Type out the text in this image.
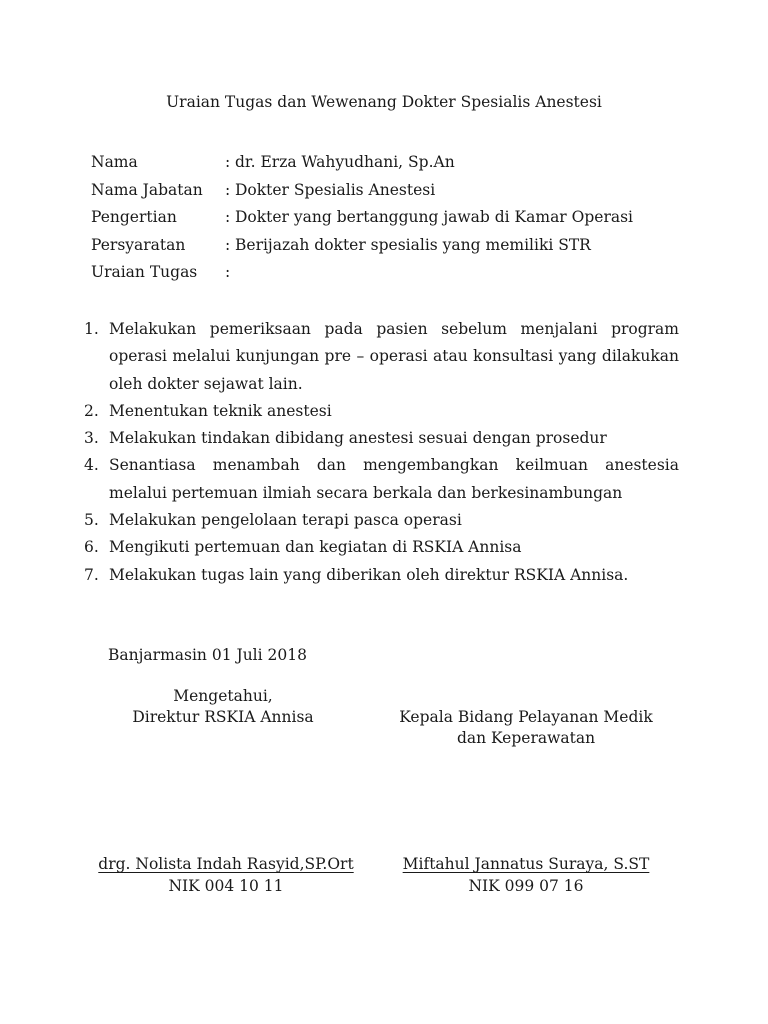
Uraian Tugas dan Wewenang Dokter Spesialis Anestesi
Nama	: dr. Erza Wahyudhani, Sp.An
Nama Jabatan	: Dokter Spesialis Anestesi
Pengertian	: Dokter yang bertanggung jawab di Kamar Operasi
Persyaratan	: Berijazah dokter spesialis yang memiliki STR
Uraian Tugas	:
1. Melakukan pemeriksaan pada pasien sebelum menjalani program operasi melalui kunjungan pre – operasi atau konsultasi yang dilakukan oleh dokter sejawat lain.
2. Menentukan teknik anestesi
3. Melakukan tindakan dibidang anestesi sesuai dengan prosedur
4. Senantiasa menambah dan mengembangkan keilmuan anestesia melalui pertemuan ilmiah secara berkala dan berkesinambungan
5. Melakukan pengelolaan terapi pasca operasi
6. Mengikuti pertemuan dan kegiatan di RSKIA Annisa
7. Melakukan tugas lain yang diberikan oleh direktur RSKIA Annisa.
Banjarmasin 01 Juli 2018
Mengetahui,
Direktur RSKIA Annisa	Kepala Bidang Pelayanan Medik
dan Keperawatan
drg. Nolista Indah Rasyid,SP.Ort
NIK 004 10 11
Miftahul Jannatus Suraya, S.ST
NIK 099 07 16
